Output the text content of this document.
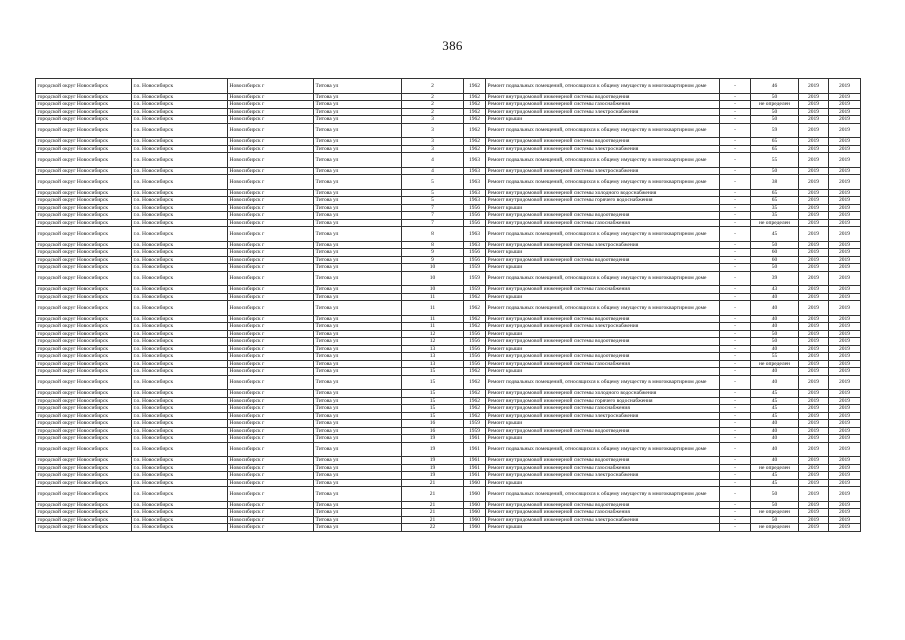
386
городской округ Новосибирск	г.о. Новосибирск	Новосибирск г	Титова ул	2	1962	Ремонт подвальных помещений, относящихся к общему имуществу в многоквартирном доме	-	46	2019	2019
городской округ Новосибирск	г.о. Новосибирск	Новосибирск г	Титова ул	2	1962	Ремонт внутридомовой инженерной системы водоотведения	-	50	2019	2019
городской округ Новосибирск	г.о. Новосибирск	Новосибирск г	Титова ул	2	1962	Ремонт внутридомовой инженерной системы газоснабжения	-	не определен	2019	2019
городской округ Новосибирск	г.о. Новосибирск	Новосибирск г	Титова ул	2	1962	Ремонт внутридомовой инженерной системы электроснабжения	-	50	2019	2019
городской округ Новосибирск	г.о. Новосибирск	Новосибирск г	Титова ул	3	1962	Ремонт крыши	-	50	2019	2019
городской округ Новосибирск	г.о. Новосибирск	Новосибирск г	Титова ул	3	1962	Ремонт подвальных помещений, относящихся к общему имуществу в многоквартирном доме	-	59	2019	2019
городской округ Новосибирск	г.о. Новосибирск	Новосибирск г	Титова ул	3	1962	Ремонт внутридомовой инженерной системы водоотведения	-	65	2019	2019
городской округ Новосибирск	г.о. Новосибирск	Новосибирск г	Титова ул	3	1962	Ремонт внутридомовой инженерной системы электроснабжения	-	65	2019	2019
городской округ Новосибирск	г.о. Новосибирск	Новосибирск г	Титова ул	4	1963	Ремонт подвальных помещений, относящихся к общему имуществу в многоквартирном доме	-	55	2019	2019
городской округ Новосибирск	г.о. Новосибирск	Новосибирск г	Титова ул	4	1963	Ремонт внутридомовой инженерной системы электроснабжения	-	50	2019	2019
городской округ Новосибирск	г.о. Новосибирск	Новосибирск г	Титова ул	5	1963	Ремонт подвальных помещений, относящихся к общему имуществу в многоквартирном доме	-	38	2019	2019
городской округ Новосибирск	г.о. Новосибирск	Новосибирск г	Титова ул	5	1963	Ремонт внутридомовой инженерной системы холодного водоснабжения	-	65	2019	2019
городской округ Новосибирск	г.о. Новосибирск	Новосибирск г	Титова ул	5	1963	Ремонт внутридомовой инженерной системы горячего водоснабжения	-	65	2019	2019
городской округ Новосибирск	г.о. Новосибирск	Новосибирск г	Титова ул	7	1956	Ремонт крыши	-	35	2019	2019
городской округ Новосибирск	г.о. Новосибирск	Новосибирск г	Титова ул	7	1956	Ремонт внутридомовой инженерной системы водоотведения	-	35	2019	2019
городской округ Новосибирск	г.о. Новосибирск	Новосибирск г	Титова ул	7	1956	Ремонт внутридомовой инженерной системы газоснабжения	-	не определен	2019	2019
городской округ Новосибирск	г.о. Новосибирск	Новосибирск г	Титова ул	8	1963	Ремонт подвальных помещений, относящихся к общему имуществу в многоквартирном доме	-	45	2019	2019
городской округ Новосибирск	г.о. Новосибирск	Новосибирск г	Титова ул	8	1963	Ремонт внутридомовой инженерной системы электроснабжения	-	50	2019	2019
городской округ Новосибирск	г.о. Новосибирск	Новосибирск г	Титова ул	9	1956	Ремонт крыши	-	60	2019	2019
городской округ Новосибирск	г.о. Новосибирск	Новосибирск г	Титова ул	9	1956	Ремонт внутридомовой инженерной системы водоотведения	-	60	2019	2019
городской округ Новосибирск	г.о. Новосибирск	Новосибирск г	Титова ул	10	1959	Ремонт крыши	-	50	2019	2019
городской округ Новосибирск	г.о. Новосибирск	Новосибирск г	Титова ул	10	1959	Ремонт подвальных помещений, относящихся к общему имуществу в многоквартирном доме	-	39	2019	2019
городской округ Новосибирск	г.о. Новосибирск	Новосибирск г	Титова ул	10	1959	Ремонт внутридомовой инженерной системы газоснабжения	-	43	2019	2019
городской округ Новосибирск	г.о. Новосибирск	Новосибирск г	Титова ул	11	1962	Ремонт крыши	-	40	2019	2019
городской округ Новосибирск	г.о. Новосибирск	Новосибирск г	Титова ул	11	1962	Ремонт подвальных помещений, относящихся к общему имуществу в многоквартирном доме	-	40	2019	2019
городской округ Новосибирск	г.о. Новосибирск	Новосибирск г	Титова ул	11	1962	Ремонт внутридомовой инженерной системы водоотведения	-	40	2019	2019
городской округ Новосибирск	г.о. Новосибирск	Новосибирск г	Титова ул	11	1962	Ремонт внутридомовой инженерной системы электроснабжения	-	40	2019	2019
городской округ Новосибирск	г.о. Новосибирск	Новосибирск г	Титова ул	12	1956	Ремонт крыши	-	50	2019	2019
городской округ Новосибирск	г.о. Новосибирск	Новосибирск г	Титова ул	12	1956	Ремонт внутридомовой инженерной системы водоотведения	-	50	2019	2019
городской округ Новосибирск	г.о. Новосибирск	Новосибирск г	Титова ул	13	1956	Ремонт крыши	-	40	2019	2019
городской округ Новосибирск	г.о. Новосибирск	Новосибирск г	Титова ул	13	1956	Ремонт внутридомовой инженерной системы водоотведения	-	55	2019	2019
городской округ Новосибирск	г.о. Новосибирск	Новосибирск г	Титова ул	13	1956	Ремонт внутридомовой инженерной системы газоснабжения	-	не определен	2019	2019
городской округ Новосибирск	г.о. Новосибирск	Новосибирск г	Титова ул	15	1962	Ремонт крыши	-	40	2019	2019
городской округ Новосибирск	г.о. Новосибирск	Новосибирск г	Титова ул	15	1962	Ремонт подвальных помещений, относящихся к общему имуществу в многоквартирном доме	-	40	2019	2019
городской округ Новосибирск	г.о. Новосибирск	Новосибирск г	Титова ул	15	1962	Ремонт внутридомовой инженерной системы холодного водоснабжения	-	45	2019	2019
городской округ Новосибирск	г.о. Новосибирск	Новосибирск г	Титова ул	15	1962	Ремонт внутридомовой инженерной системы горячего водоснабжения	-	45	2019	2019
городской округ Новосибирск	г.о. Новосибирск	Новосибирск г	Титова ул	15	1962	Ремонт внутридомовой инженерной системы газоснабжения	-	45	2019	2019
городской округ Новосибирск	г.о. Новосибирск	Новосибирск г	Титова ул	15	1962	Ремонт внутридомовой инженерной системы электроснабжения	-	45	2019	2019
городской округ Новосибирск	г.о. Новосибирск	Новосибирск г	Титова ул	16	1959	Ремонт крыши	-	40	2019	2019
городской округ Новосибирск	г.о. Новосибирск	Новосибирск г	Титова ул	16	1959	Ремонт внутридомовой инженерной системы водоотведения	-	40	2019	2019
городской округ Новосибирск	г.о. Новосибирск	Новосибирск г	Титова ул	19	1961	Ремонт крыши	-	40	2019	2019
городской округ Новосибирск	г.о. Новосибирск	Новосибирск г	Титова ул	19	1961	Ремонт подвальных помещений, относящихся к общему имуществу в многоквартирном доме	-	40	2019	2019
городской округ Новосибирск	г.о. Новосибирск	Новосибирск г	Титова ул	19	1961	Ремонт внутридомовой инженерной системы водоотведения	-	40	2019	2019
городской округ Новосибирск	г.о. Новосибирск	Новосибирск г	Титова ул	19	1961	Ремонт внутридомовой инженерной системы газоснабжения	-	не определен	2019	2019
городской округ Новосибирск	г.о. Новосибирск	Новосибирск г	Титова ул	19	1961	Ремонт внутридомовой инженерной системы электроснабжения	-	45	2019	2019
городской округ Новосибирск	г.о. Новосибирск	Новосибирск г	Титова ул	21	1960	Ремонт крыши	-	45	2019	2019
городской округ Новосибирск	г.о. Новосибирск	Новосибирск г	Титова ул	21	1960	Ремонт подвальных помещений, относящихся к общему имуществу в многоквартирном доме	-	50	2019	2019
городской округ Новосибирск	г.о. Новосибирск	Новосибирск г	Титова ул	21	1960	Ремонт внутридомовой инженерной системы водоотведения	-	50	2019	2019
городской округ Новосибирск	г.о. Новосибирск	Новосибирск г	Титова ул	21	1960	Ремонт внутридомовой инженерной системы газоснабжения	-	не определен	2019	2019
городской округ Новосибирск	г.о. Новосибирск	Новосибирск г	Титова ул	21	1960	Ремонт внутридомовой инженерной системы электроснабжения	-	50	2019	2019
городской округ Новосибирск	г.о. Новосибирск	Новосибирск г	Титова ул	22	1960	Ремонт крыши	-	не определен	2019	2019
